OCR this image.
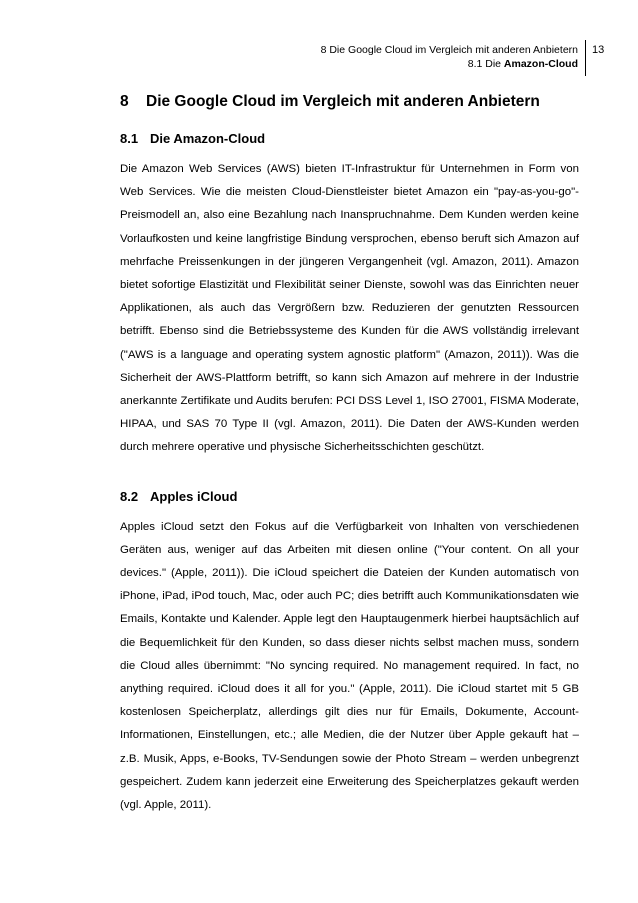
8 Die Google Cloud im Vergleich mit anderen Anbietern
8.1 Die Amazon-Cloud
13
8 Die Google Cloud im Vergleich mit anderen Anbietern
8.1 Die Amazon-Cloud

Die Amazon Web Services (AWS) bieten IT-Infrastruktur für Unternehmen in Form von Web Services. Wie die meisten Cloud-Dienstleister bietet Amazon ein "pay-as-you-go"-Preismodell an, also eine Bezahlung nach Inanspruchnahme. Dem Kunden werden keine Vorlaufkosten und keine langfristige Bindung versprochen, ebenso beruft sich Amazon auf mehrfache Preissenkungen in der jüngeren Vergangenheit (vgl. Amazon, 2011). Amazon bietet sofortige Elastizität und Flexibilität seiner Dienste, sowohl was das Einrichten neuer Applikationen, als auch das Vergrößern bzw. Reduzieren der genutzten Ressourcen betrifft. Ebenso sind die Betriebssysteme des Kunden für die AWS vollständig irrelevant ("AWS is a language and operating system agnostic platform" (Amazon, 2011)). Was die Sicherheit der AWS-Plattform betrifft, so kann sich Amazon auf mehrere in der Industrie anerkannte Zertifikate und Audits berufen: PCI DSS Level 1, ISO 27001, FISMA Moderate, HIPAA, und SAS 70 Type II (vgl. Amazon, 2011). Die Daten der AWS-Kunden werden durch mehrere operative und physische Sicherheitsschichten geschützt.

8.2 Apples iCloud

Apples iCloud setzt den Fokus auf die Verfügbarkeit von Inhalten von verschiedenen Geräten aus, weniger auf das Arbeiten mit diesen online ("Your content. On all your devices." (Apple, 2011)). Die iCloud speichert die Dateien der Kunden automatisch von iPhone, iPad, iPod touch, Mac, oder auch PC; dies betrifft auch Kommunikationsdaten wie Emails, Kontakte und Kalender. Apple legt den Hauptaugenmerk hierbei hauptsächlich auf die Bequemlichkeit für den Kunden, so dass dieser nichts selbst machen muss, sondern die Cloud alles übernimmt: "No syncing required. No management required. In fact, no anything required. iCloud does it all for you." (Apple, 2011). Die iCloud startet mit 5 GB kostenlosen Speicherplatz, allerdings gilt dies nur für Emails, Dokumente, Account-Informationen, Einstellungen, etc.; alle Medien, die der Nutzer über Apple gekauft hat – z.B. Musik, Apps, e-Books, TV-Sendungen sowie der Photo Stream – werden unbegrenzt gespeichert. Zudem kann jederzeit eine Erweiterung des Speicherplatzes gekauft werden (vgl. Apple, 2011).
